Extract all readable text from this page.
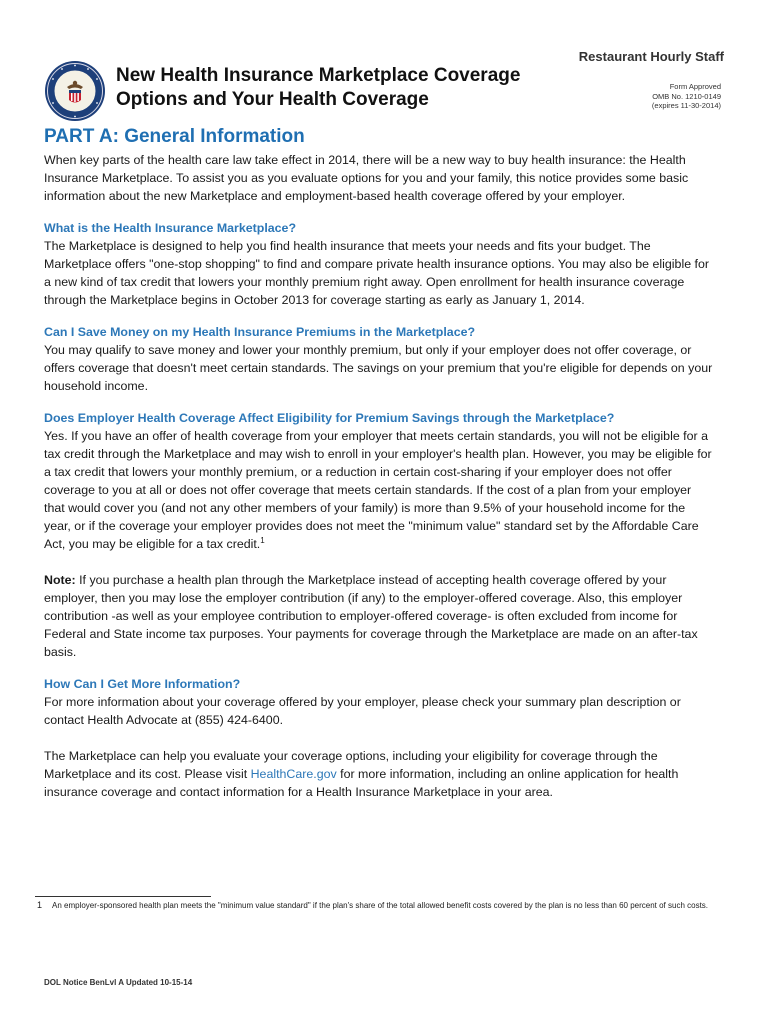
Restaurant Hourly Staff
New Health Insurance Marketplace Coverage
Options and Your Health Coverage
Form Approved
OMB No. 1210-0149
(expires 11-30-2014)
PART A: General Information

When key parts of the health care law take effect in 2014, there will be a new way to buy health insurance: the Health Insurance Marketplace. To assist you as you evaluate options for you and your family, this notice provides some basic information about the new Marketplace and employment-based health coverage offered by your employer.

What is the Health Insurance Marketplace?

The Marketplace is designed to help you find health insurance that meets your needs and fits your budget. The Marketplace offers "one-stop shopping" to find and compare private health insurance options. You may also be eligible for a new kind of tax credit that lowers your monthly premium right away. Open enrollment for health insurance coverage through the Marketplace begins in October 2013 for coverage starting as early as January 1, 2014.

Can I Save Money on my Health Insurance Premiums in the Marketplace?

You may qualify to save money and lower your monthly premium, but only if your employer does not offer coverage, or offers coverage that doesn't meet certain standards. The savings on your premium that you're eligible for depends on your household income.

Does Employer Health Coverage Affect Eligibility for Premium Savings through the Marketplace?

Yes. If you have an offer of health coverage from your employer that meets certain standards, you will not be eligible for a tax credit through the Marketplace and may wish to enroll in your employer's health plan. However, you may be eligible for a tax credit that lowers your monthly premium, or a reduction in certain cost-sharing if your employer does not offer coverage to you at all or does not offer coverage that meets certain standards. If the cost of a plan from your employer that would cover you (and not any other members of your family) is more than 9.5% of your household income for the year, or if the coverage your employer provides does not meet the "minimum value" standard set by the Affordable Care Act, you may be eligible for a tax credit.$^1$

Note: If you purchase a health plan through the Marketplace instead of accepting health coverage offered by your employer, then you may lose the employer contribution (if any) to the employer-offered coverage. Also, this employer contribution -as well as your employee contribution to employer-offered coverage- is often excluded from income for Federal and State income tax purposes. Your payments for coverage through the Marketplace are made on an after-tax basis.

How Can I Get More Information?

For more information about your coverage offered by your employer, please check your summary plan description or contact Health Advocate at (855) 424-6400.

The Marketplace can help you evaluate your coverage options, including your eligibility for coverage through the Marketplace and its cost. Please visit HealthCare.gov for more information, including an online application for health insurance coverage and contact information for a Health Insurance Marketplace in your area.

1	An employer-sponsored health plan meets the "minimum value standard" if the plan's share of the total allowed benefit costs covered by the plan is no less than 60 percent of such costs.
DOL Notice BenLvl A Updated 10-15-14
